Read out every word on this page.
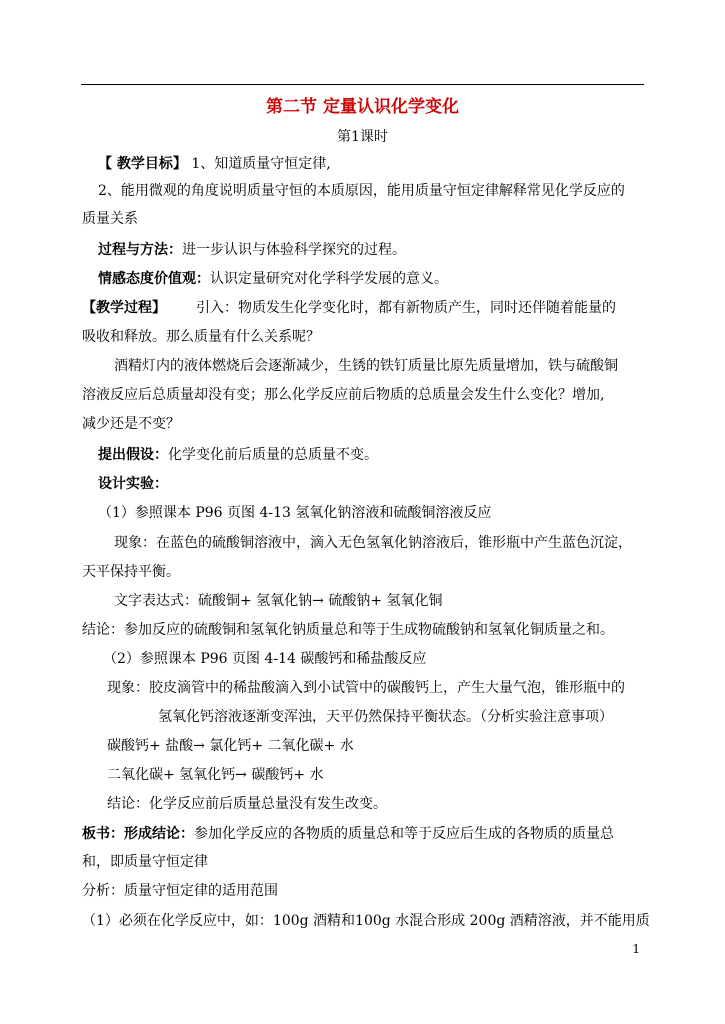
第二节 定量认识化学变化
第1课时
【 教学目标】 1、知道质量守恒定律,
2、能用微观的角度说明质量守恒的本质原因，能用质量守恒定律解释常见化学反应的
质量关系
过程与方法：进一步认识与体验科学探究的过程。
情感态度价值观：认识定量研究对化学科学发展的意义。
【教学过程】 引入：物质发生化学变化时，都有新物质产生，同时还伴随着能量的
吸收和释放。那么质量有什么关系呢？
酒精灯内的液体燃烧后会逐渐减少，生锈的铁钉质量比原先质量增加，铁与硫酸铜
溶液反应后总质量却没有变；那么化学反应前后物质的总质量会发生什么变化？增加,
减少还是不变？
提出假设：化学变化前后质量的总质量不变。
设计实验：
（1）参照课本 P96 页图 4-13 氢氧化钠溶液和硫酸铜溶液反应
现象：在蓝色的硫酸铜溶液中，滴入无色氢氧化钠溶液后，锥形瓶中产生蓝色沉淀，
天平保持平衡。
文字表达式：硫酸铜+ 氢氧化钠→ 硫酸钠+ 氢氧化铜
结论：参加反应的硫酸铜和氢氧化钠质量总和等于生成物硫酸钠和氢氧化铜质量之和。
（2）参照课本 P96 页图 4-14 碳酸钙和稀盐酸反应
现象：胶皮滴管中的稀盐酸滴入到小试管中的碳酸钙上，产生大量气泡，锥形瓶中的
氢氧化钙溶液逐渐变浑浊，天平仍然保持平衡状态。（分析实验注意事项）
碳酸钙+ 盐酸→ 氯化钙+ 二氧化碳+ 水
二氧化碳+ 氢氧化钙→ 碳酸钙+ 水
结论：化学反应前后质量总量没有发生改变。
板书：形成结论：参加化学反应的各物质的质量总和等于反应后生成的各物质的质量总
和，即质量守恒定律
分析：质量守恒定律的适用范围
（1）必须在化学反应中，如：100g 酒精和100g 水混合形成 200g 酒精溶液，并不能用质
1
